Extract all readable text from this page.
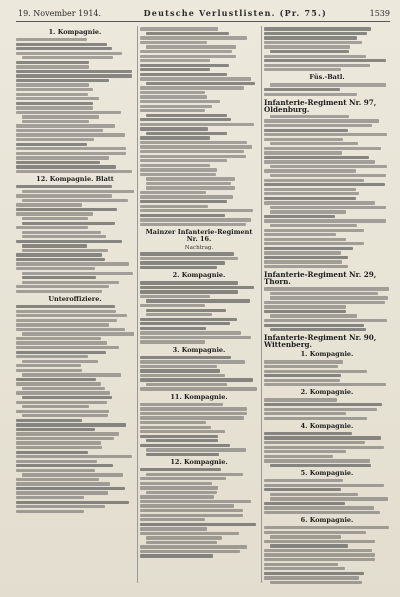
19. November 1914.	Deutsche Verlustlisten. (Pr. 75.)	1539
1. Kompagnie.
12. Kompagnie. Blatt
Unteroffiziere.
Mainzer Infanterie-Regiment Nr. 16.
Nachtrag.
2. Kompagnie.
3. Kompagnie.
11. Kompagnie.
12. Kompagnie.
Füs.-Batl.
Infanterie-Regiment Nr. 97, Oldenburg.
Infanterie-Regiment Nr. 29, Thorn.
Infanterie-Regiment Nr. 90, Wittenberg.
1. Kompagnie.
2. Kompagnie.
4. Kompagnie.
5. Kompagnie.
6. Kompagnie.
